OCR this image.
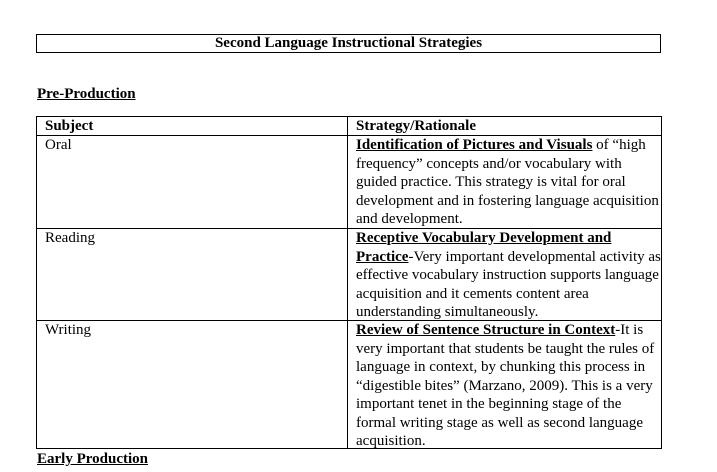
Second Language Instructional Strategies
Pre-Production
Subject	Strategy/Rationale
Oral	Identification of Pictures and Visuals of “high frequency” concepts and/or vocabulary with guided practice. This strategy is vital for oral development and in fostering language acquisition and development.

Reading	Receptive Vocabulary Development and Practice-Very important developmental activity as effective vocabulary instruction supports language acquisition and it cements content area understanding simultaneously.

Writing	Review of Sentence Structure in Context-It is very important that students be taught the rules of language in context, by chunking this process in “digestible bites” (Marzano, 2009). This is a very important tenet in the beginning stage of the formal writing stage as well as second language acquisition.
Early Production
